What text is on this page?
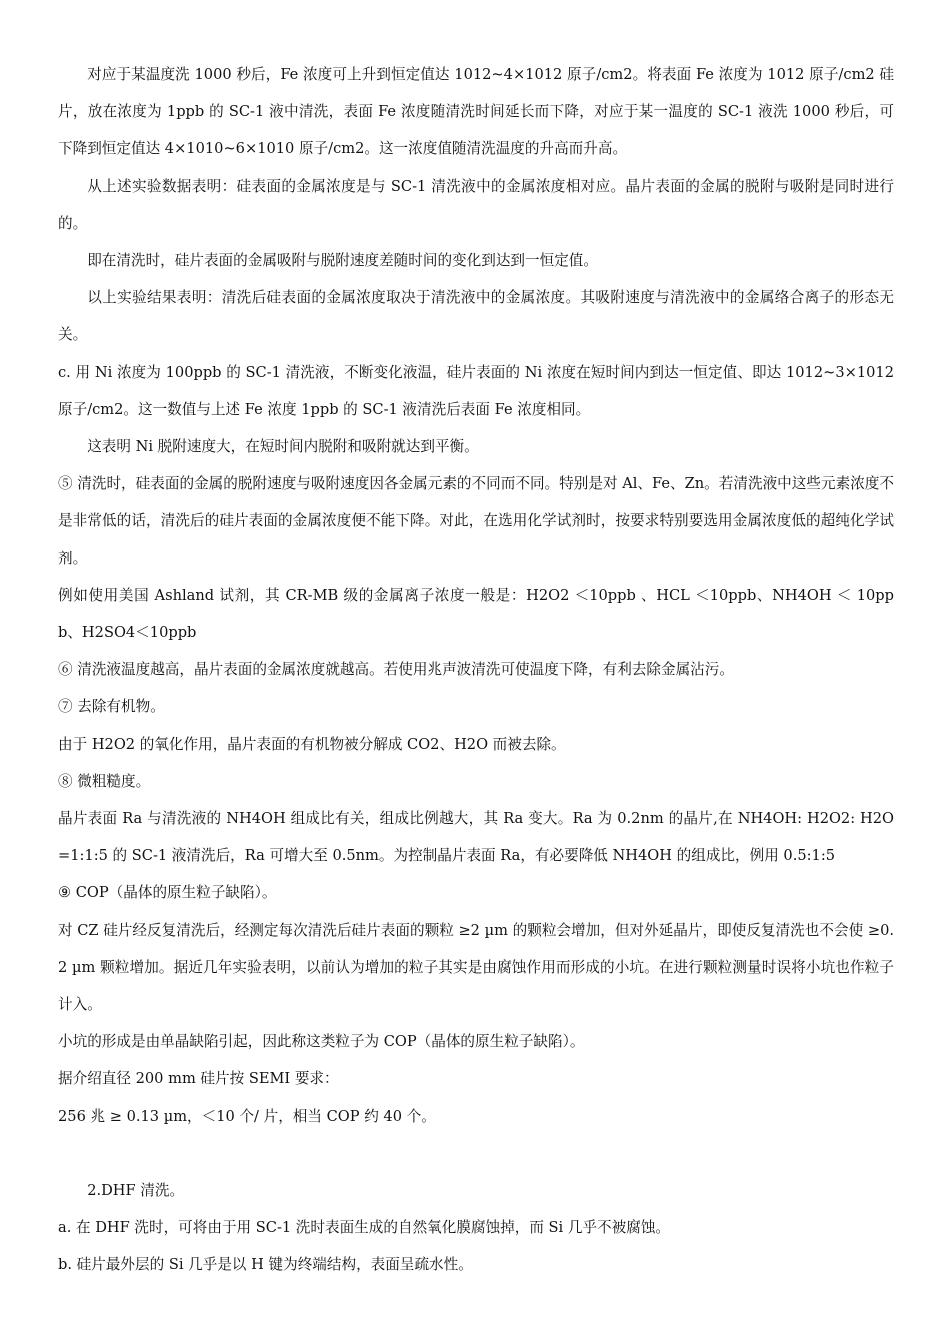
对应于某温度洗 1000 秒后，Fe 浓度可上升到恒定值达 1012~4×1012 原子/cm2。将表面 Fe 浓度为 1012 原子/cm2 硅片，放在浓度为 1ppb 的 SC-1 液中清洗，表面 Fe 浓度随清洗时间延长而下降，对应于某一温度的 SC-1 液洗 1000 秒后，可下降到恒定值达 4×1010~6×1010 原子/cm2。这一浓度值随清洗温度的升高而升高。

从上述实验数据表明：硅表面的金属浓度是与 SC-1 清洗液中的金属浓度相对应。晶片表面的金属的脱附与吸附是同时进行的。

即在清洗时，硅片表面的金属吸附与脱附速度差随时间的变化到达到一恒定值。

以上实验结果表明：清洗后硅表面的金属浓度取决于清洗液中的金属浓度。其吸附速度与清洗液中的金属络合离子的形态无关。

c. 用 Ni 浓度为 100ppb 的 SC-1 清洗液，不断变化液温，硅片表面的 Ni 浓度在短时间内到达一恒定值、即达 1012~3×1012 原子/cm2。这一数值与上述 Fe 浓度 1ppb 的 SC-1 液清洗后表面 Fe 浓度相同。

这表明 Ni 脱附速度大，在短时间内脱附和吸附就达到平衡。

⑤ 清洗时，硅表面的金属的脱附速度与吸附速度因各金属元素的不同而不同。特别是对 Al、Fe、Zn。若清洗液中这些元素浓度不是非常低的话，清洗后的硅片表面的金属浓度便不能下降。对此，在选用化学试剂时，按要求特别要选用金属浓度低的超纯化学试剂。

例如使用美国 Ashland 试剂，其 CR-MB 级的金属离子浓度一般是：H2O2 ＜10ppb 、HCL ＜10ppb、NH4OH ＜ 10ppb、H2SO4＜10ppb

⑥ 清洗液温度越高，晶片表面的金属浓度就越高。若使用兆声波清洗可使温度下降，有利去除金属沾污。

⑦ 去除有机物。

由于 H2O2 的氧化作用，晶片表面的有机物被分解成 CO2、H2O 而被去除。

⑧ 微粗糙度。

晶片表面 Ra 与清洗液的 NH4OH 组成比有关，组成比例越大，其 Ra 变大。Ra 为 0.2nm 的晶片,在 NH4OH: H2O2: H2O =1:1:5 的 SC-1 液清洗后，Ra 可增大至 0.5nm。为控制晶片表面 Ra，有必要降低 NH4OH 的组成比，例用 0.5:1:5

⑨ COP（晶体的原生粒子缺陷）。

对 CZ 硅片经反复清洗后，经测定每次清洗后硅片表面的颗粒 ≥2 µm 的颗粒会增加，但对外延晶片，即使反复清洗也不会使 ≥0.2 µm 颗粒增加。据近几年实验表明，以前认为增加的粒子其实是由腐蚀作用而形成的小坑。在进行颗粒测量时误将小坑也作粒子计入。

小坑的形成是由单晶缺陷引起，因此称这类粒子为 COP（晶体的原生粒子缺陷）。

据介绍直径 200 mm 硅片按 SEMI 要求：

256 兆 ≥ 0.13 µm，＜10 个/ 片，相当 COP 约 40 个。

2.DHF 清洗。

a. 在 DHF 洗时，可将由于用 SC-1 洗时表面生成的自然氧化膜腐蚀掉，而 Si 几乎不被腐蚀。

b. 硅片最外层的 Si 几乎是以 H 键为终端结构，表面呈疏水性。
